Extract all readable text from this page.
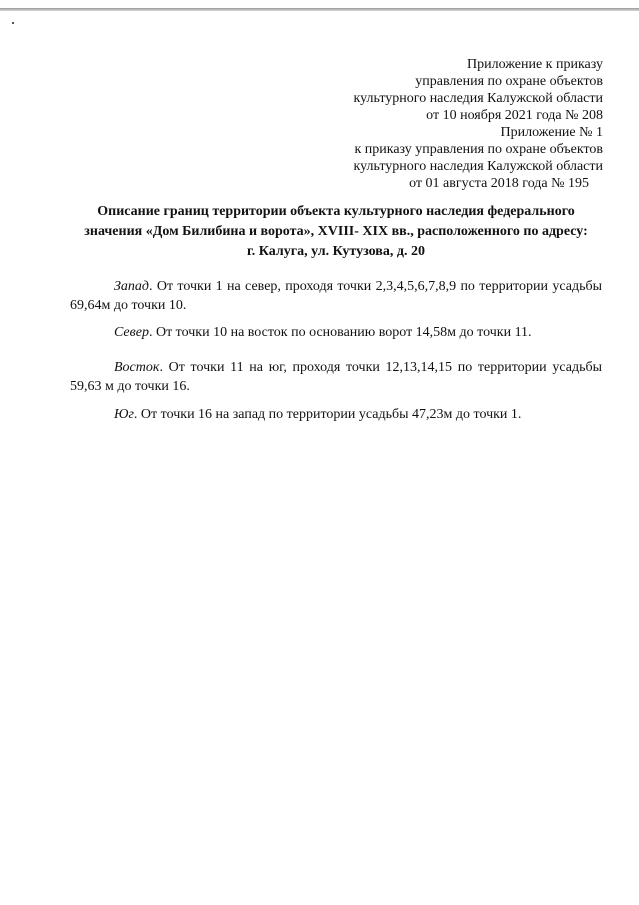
Приложение к приказу
управления по охране объектов
культурного наследия Калужской области
от 10 ноября 2021 года № 208
Приложение № 1
к приказу управления по охране объектов
культурного наследия Калужской области
от 01 августа 2018 года № 195
Описание границ территории объекта культурного наследия федерального
значения «Дом Билибина и ворота», XVIII- XIX вв., расположенного по адресу:
г. Калуга, ул. Кутузова, д. 20
Запад. От точки 1 на север, проходя точки 2,3,4,5,6,7,8,9 по территории усадьбы
69,64м до точки 10.
Север. От точки 10 на восток по основанию ворот 14,58м до точки 11.
Восток. От точки 11 на юг, проходя точки 12,13,14,15 по территории усадьбы
59,63 м до точки 16.
Юг. От точки 16 на запад по территории усадьбы 47,23м до точки 1.
